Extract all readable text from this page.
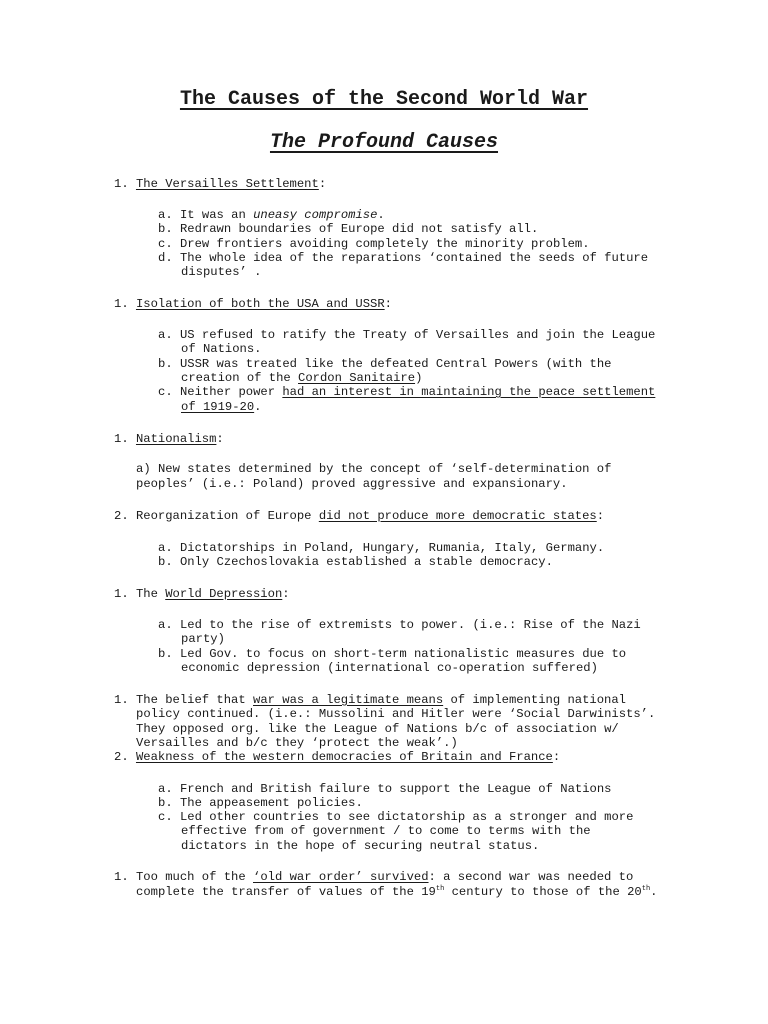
The Causes of the Second World War
The Profound Causes
1. The Versailles Settlement:
a. It was an uneasy compromise.
b. Redrawn boundaries of Europe did not satisfy all.
c. Drew frontiers avoiding completely the minority problem.
d. The whole idea of the reparations ‘contained the seeds of future
disputes’ .
1. Isolation of both the USA and USSR:
a. US refused to ratify the Treaty of Versailles and join the League
of Nations.
b. USSR was treated like the defeated Central Powers (with the
creation of the Cordon Sanitaire)
c. Neither power had an interest in maintaining the peace settlement
of 1919-20.
1. Nationalism:
a) New states determined by the concept of ‘self-determination of
peoples’ (i.e.: Poland) proved aggressive and expansionary.
2. Reorganization of Europe did not produce more democratic states:
a. Dictatorships in Poland, Hungary, Rumania, Italy, Germany.
b. Only Czechoslovakia established a stable democracy.
1. The World Depression:
a. Led to the rise of extremists to power. (i.e.: Rise of the Nazi
party)
b. Led Gov. to focus on short-term nationalistic measures due to
economic depression (international co-operation suffered)
1. The belief that war was a legitimate means of implementing national
policy continued. (i.e.: Mussolini and Hitler were ‘Social Darwinists’.
They opposed org. like the League of Nations b/c of association w/
Versailles and b/c they ‘protect the weak’.)
2. Weakness of the western democracies of Britain and France:
a. French and British failure to support the League of Nations
b. The appeasement policies.
c. Led other countries to see dictatorship as a stronger and more
effective from of government / to come to terms with the
dictators in the hope of securing neutral status.
1. Too much of the ‘old war order’ survived: a second war was needed to
complete the transfer of values of the 19th century to those of the 20th.
